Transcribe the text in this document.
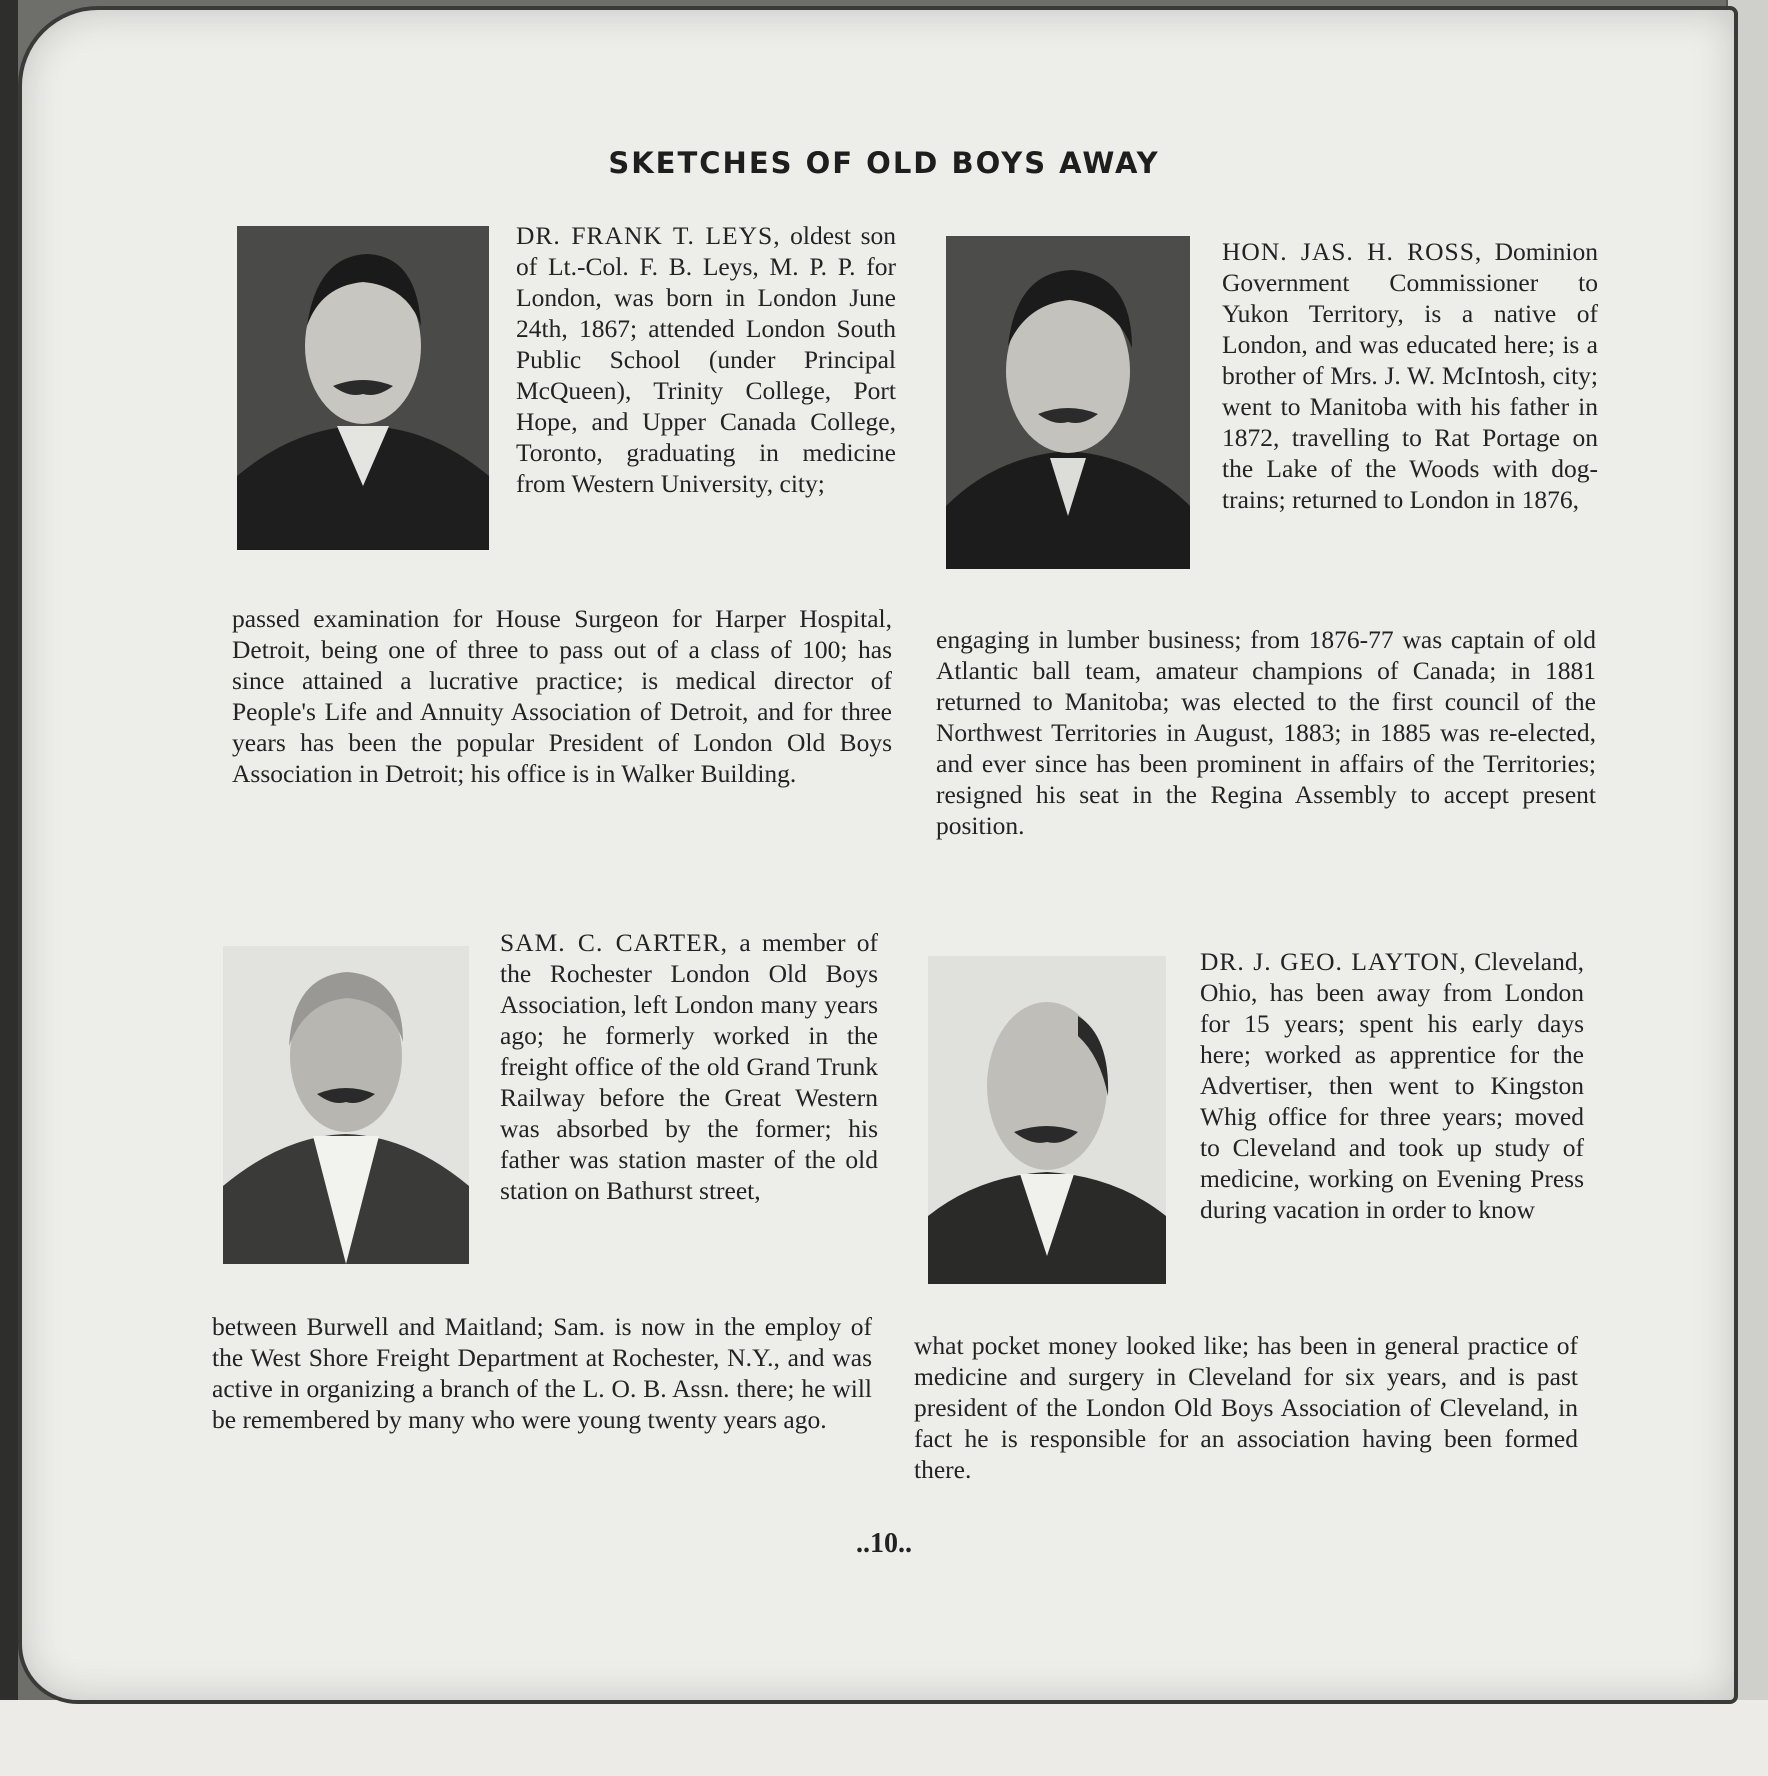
SKETCHES OF OLD BOYS AWAY

DR. FRANK T. LEYS, oldest son of Lt.-Col. F. B. Leys, M. P. P. for London, was born in London June 24th, 1867; attended London South Public School (under Principal McQueen), Trinity College, Port Hope, and Upper Canada College, Toronto, graduating in medicine from Western University, city;

passed examination for House Surgeon for Harper Hospital, Detroit, being one of three to pass out of a class of 100; has since attained a lucrative practice; is medical director of People's Life and Annuity Association of Detroit, and for three years has been the popular President of London Old Boys Association in Detroit; his office is in Walker Building.

HON. JAS. H. ROSS, Dominion Government Commissioner to Yukon Territory, is a native of London, and was educated here; is a brother of Mrs. J. W. McIntosh, city; went to Manitoba with his father in 1872, travelling to Rat Portage on the Lake of the Woods with dog-trains; returned to London in 1876,

engaging in lumber business; from 1876-77 was captain of old Atlantic ball team, amateur champions of Canada; in 1881 returned to Manitoba; was elected to the first council of the Northwest Territories in August, 1883; in 1885 was re-elected, and ever since has been prominent in affairs of the Territories; resigned his seat in the Regina Assembly to accept present position.

SAM. C. CARTER, a member of the Rochester London Old Boys Association, left London many years ago; he formerly worked in the freight office of the old Grand Trunk Railway before the Great Western was absorbed by the former; his father was station master of the old station on Bathurst street,

between Burwell and Maitland; Sam. is now in the employ of the West Shore Freight Department at Rochester, N.Y., and was active in organizing a branch of the L. O. B. Assn. there; he will be remembered by many who were young twenty years ago.

DR. J. GEO. LAYTON, Cleveland, Ohio, has been away from London for 15 years; spent his early days here; worked as apprentice for the Advertiser, then went to Kingston Whig office for three years; moved to Cleveland and took up study of medicine, working on Evening Press during vacation in order to know

what pocket money looked like; has been in general practice of medicine and surgery in Cleveland for six years, and is past president of the London Old Boys Association of Cleveland, in fact he is responsible for an association having been formed there.

..10..
